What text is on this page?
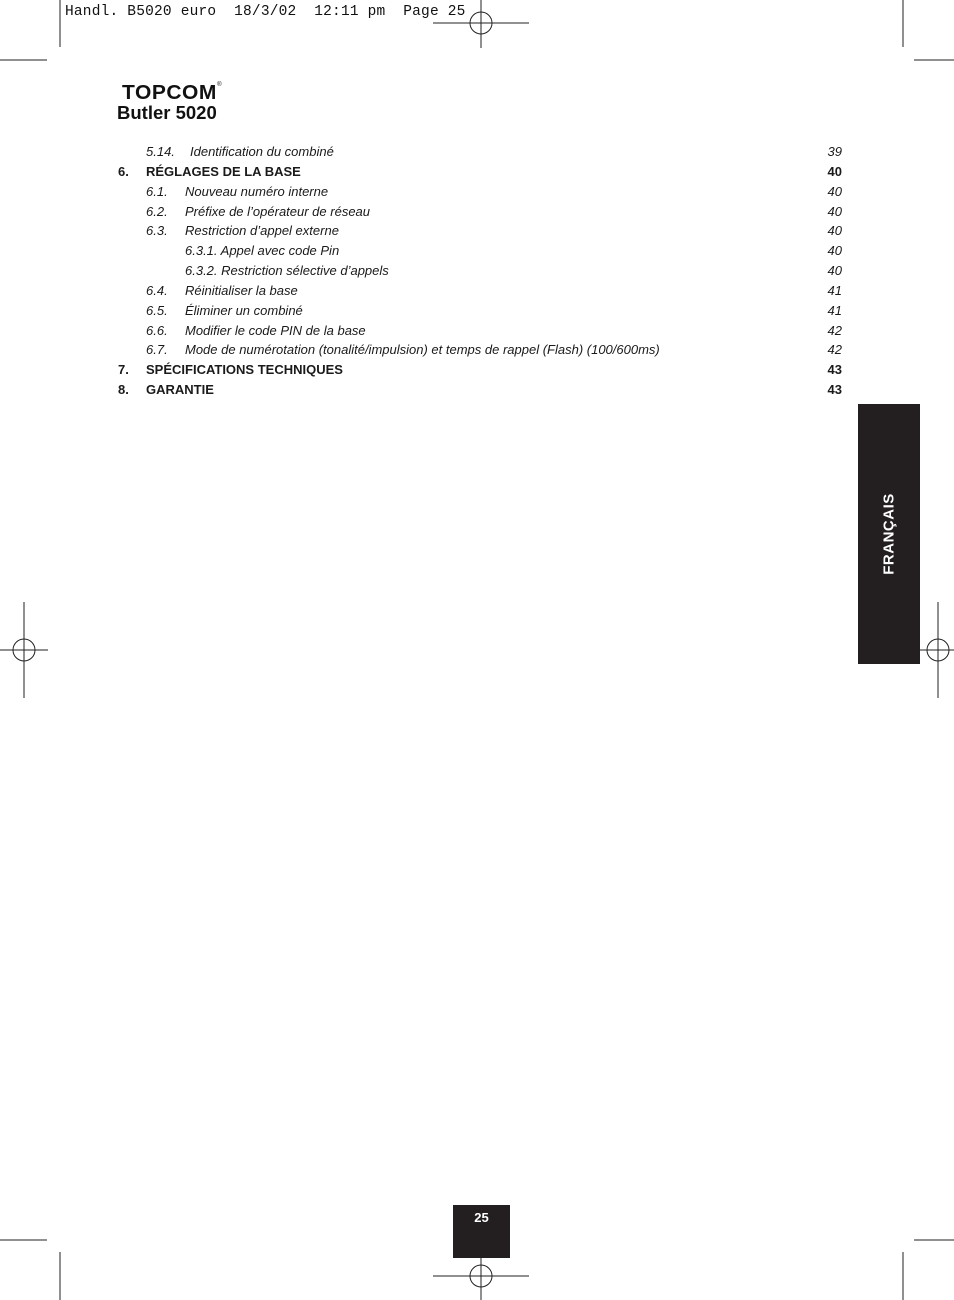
Handl. B5020 euro  18/3/02  12:11 pm  Page 25
TOPCOM®
Butler 5020
5.14. Identification du combiné	39
6. RÉGLAGES DE LA BASE	40
6.1. Nouveau numéro interne	40
6.2. Préfixe de l’opérateur de réseau	40
6.3. Restriction d’appel externe	40
6.3.1. Appel avec code Pin	40
6.3.2. Restriction sélective d’appels	40
6.4. Réinitialiser la base	41
6.5. Éliminer un combiné	41
6.6. Modifier le code PIN de la base	42
6.7. Mode de numérotation (tonalité/impulsion) et temps de rappel (Flash) (100/600ms)	42
7. SPÉCIFICATIONS TECHNIQUES	43
8. GARANTIE	43
FRANÇAIS
25
